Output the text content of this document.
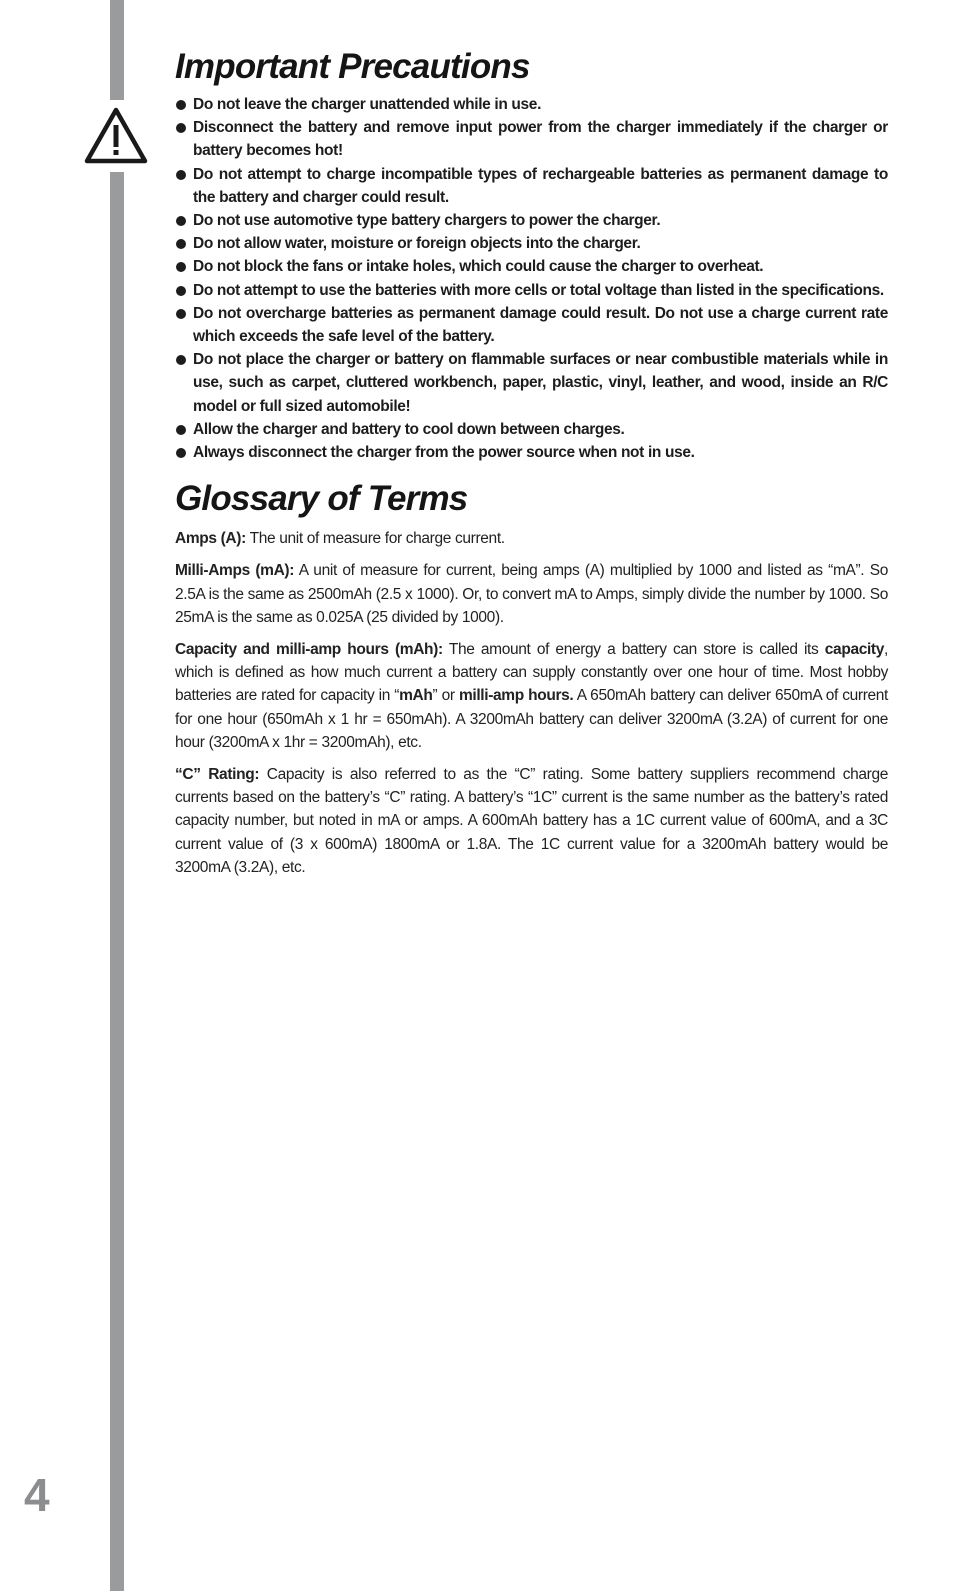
4
Important Precautions
Do not leave the charger unattended while in use.
Disconnect the battery and remove input power from the charger immediately if the charger or battery becomes hot!
Do not attempt to charge incompatible types of rechargeable batteries as permanent damage to the battery and charger could result.
Do not use automotive type battery chargers to power the charger.
Do not allow water, moisture or foreign objects into the charger.
Do not block the fans or intake holes, which could cause the charger to overheat.
Do not attempt to use the batteries with more cells or total voltage than listed in the specifications.
Do not overcharge batteries as permanent damage could result. Do not use a charge current rate which exceeds the safe level of the battery.
Do not place the charger or battery on flammable surfaces or near combustible materials while in use, such as carpet, cluttered workbench, paper, plastic, vinyl, leather, and wood, inside an R/C model or full sized automobile!
Allow the charger and battery to cool down between charges.
Always disconnect the charger from the power source when not in use.
Glossary of Terms

Amps (A): The unit of measure for charge current.

Milli-Amps (mA): A unit of measure for current, being amps (A) multiplied by 1000 and listed as “mA”. So 2.5A is the same as 2500mAh (2.5 x 1000). Or, to convert mA to Amps, simply divide the number by 1000. So 25mA is the same as 0.025A (25 divided by 1000).

Capacity and milli-amp hours (mAh): The amount of energy a battery can store is called its capacity, which is defined as how much current a battery can supply constantly over one hour of time. Most hobby batteries are rated for capacity in “mAh” or milli-amp hours. A 650mAh battery can deliver 650mA of current for one hour (650mAh x 1 hr = 650mAh). A 3200mAh battery can deliver 3200mA (3.2A) of current for one hour (3200mA x 1hr = 3200mAh), etc.

“C” Rating: Capacity is also referred to as the “C” rating. Some battery suppliers recommend charge currents based on the battery’s “C” rating. A battery’s “1C” current is the same number as the battery’s rated capacity number, but noted in mA or amps. A 600mAh battery has a 1C current value of 600mA, and a 3C current value of (3 x 600mA) 1800mA or 1.8A. The 1C current value for a 3200mAh battery would be 3200mA (3.2A), etc.
